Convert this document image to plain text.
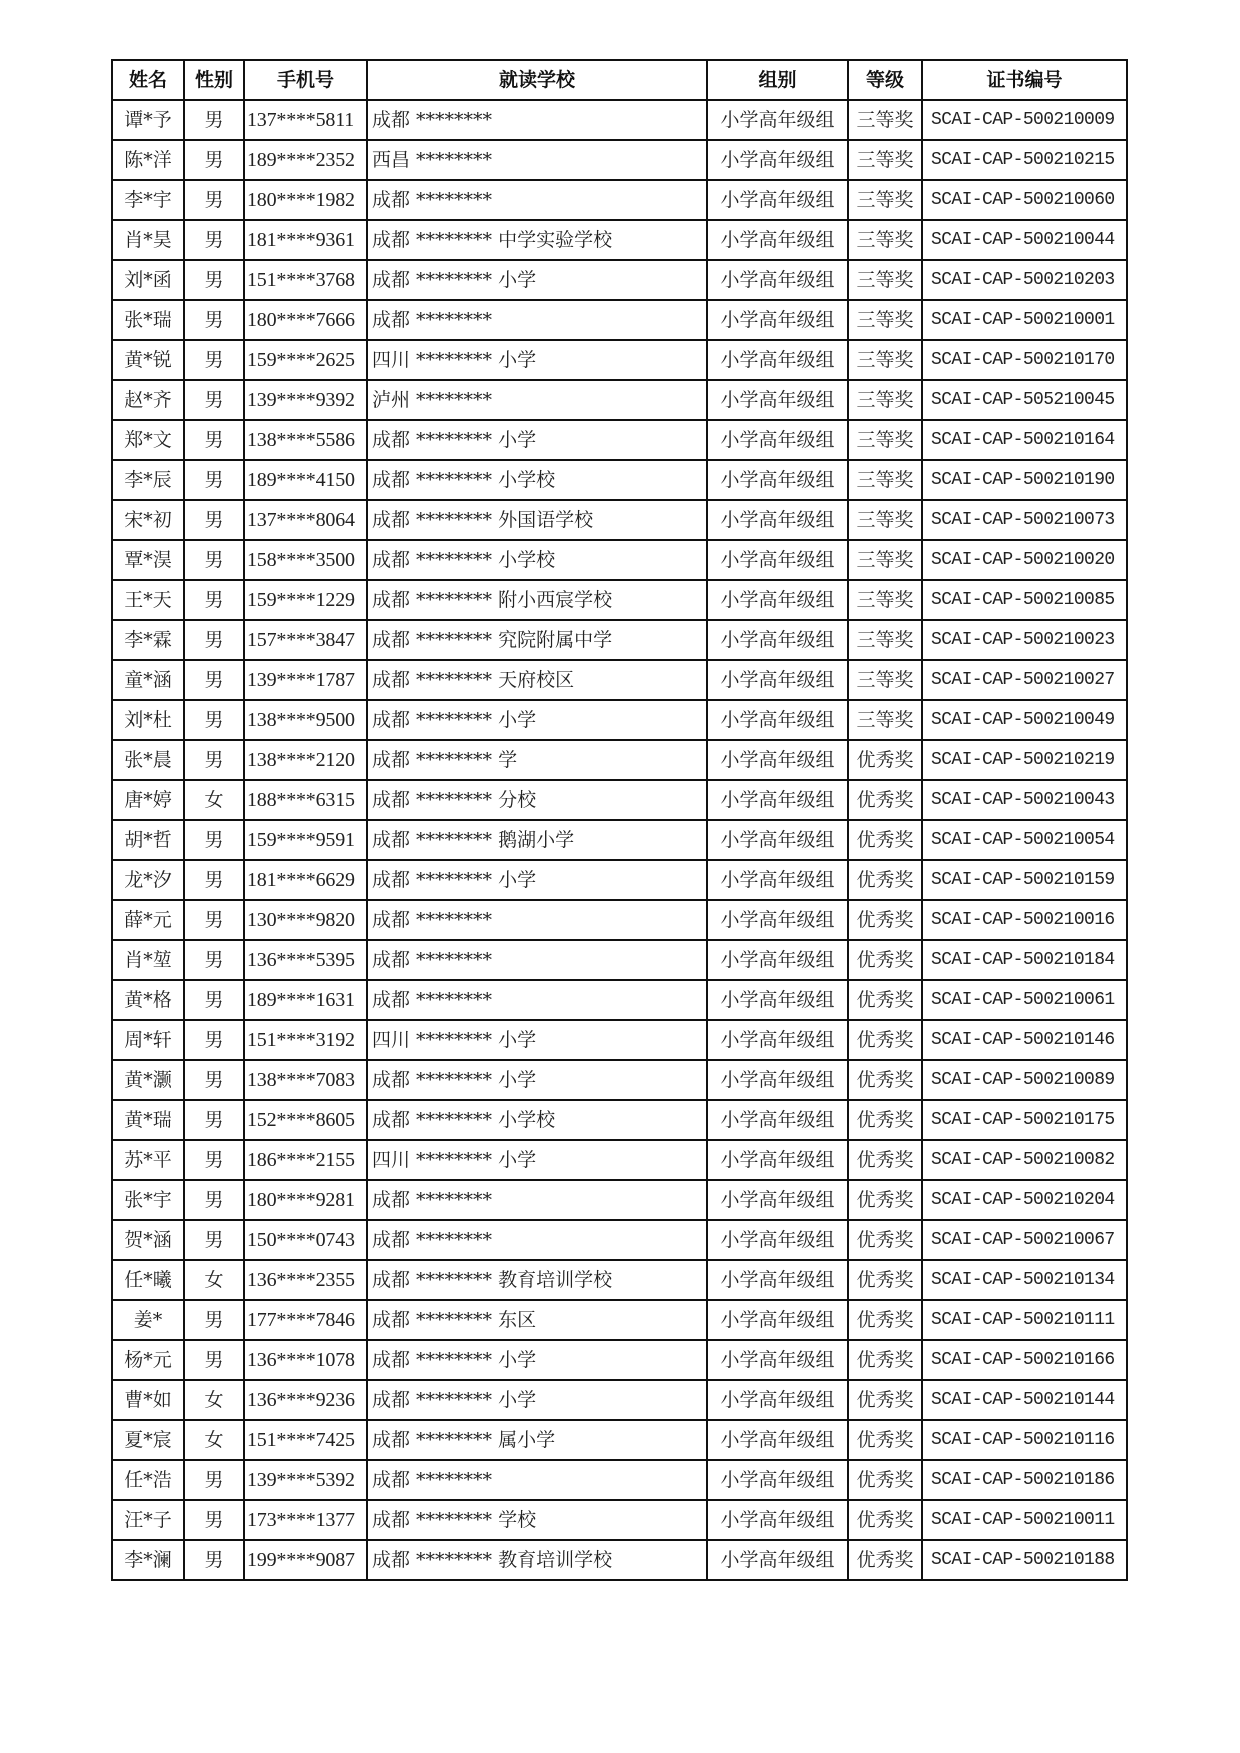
姓名	性别	手机号	就读学校	组别	等级	证书编号
谭*予	男	137****5811	成都 ********	小学高年级组	三等奖	SCAI-CAP-500210009
陈*洋	男	189****2352	西昌 ********	小学高年级组	三等奖	SCAI-CAP-500210215
李*宇	男	180****1982	成都 ********	小学高年级组	三等奖	SCAI-CAP-500210060
肖*昊	男	181****9361	成都 ******** 中学实验学校	小学高年级组	三等奖	SCAI-CAP-500210044
刘*函	男	151****3768	成都 ******** 小学	小学高年级组	三等奖	SCAI-CAP-500210203
张*瑞	男	180****7666	成都 ********	小学高年级组	三等奖	SCAI-CAP-500210001
黄*锐	男	159****2625	四川 ******** 小学	小学高年级组	三等奖	SCAI-CAP-500210170
赵*齐	男	139****9392	泸州 ********	小学高年级组	三等奖	SCAI-CAP-505210045
郑*文	男	138****5586	成都 ******** 小学	小学高年级组	三等奖	SCAI-CAP-500210164
李*辰	男	189****4150	成都 ******** 小学校	小学高年级组	三等奖	SCAI-CAP-500210190
宋*初	男	137****8064	成都 ******** 外国语学校	小学高年级组	三等奖	SCAI-CAP-500210073
覃*淏	男	158****3500	成都 ******** 小学校	小学高年级组	三等奖	SCAI-CAP-500210020
王*天	男	159****1229	成都 ******** 附小西宸学校	小学高年级组	三等奖	SCAI-CAP-500210085
李*霖	男	157****3847	成都 ******** 究院附属中学	小学高年级组	三等奖	SCAI-CAP-500210023
童*涵	男	139****1787	成都 ******** 天府校区	小学高年级组	三等奖	SCAI-CAP-500210027
刘*杜	男	138****9500	成都 ******** 小学	小学高年级组	三等奖	SCAI-CAP-500210049
张*晨	男	138****2120	成都 ******** 学	小学高年级组	优秀奖	SCAI-CAP-500210219
唐*婷	女	188****6315	成都 ******** 分校	小学高年级组	优秀奖	SCAI-CAP-500210043
胡*哲	男	159****9591	成都 ******** 鹅湖小学	小学高年级组	优秀奖	SCAI-CAP-500210054
龙*汐	男	181****6629	成都 ******** 小学	小学高年级组	优秀奖	SCAI-CAP-500210159
薛*元	男	130****9820	成都 ********	小学高年级组	优秀奖	SCAI-CAP-500210016
肖*堃	男	136****5395	成都 ********	小学高年级组	优秀奖	SCAI-CAP-500210184
黄*格	男	189****1631	成都 ********	小学高年级组	优秀奖	SCAI-CAP-500210061
周*轩	男	151****3192	四川 ******** 小学	小学高年级组	优秀奖	SCAI-CAP-500210146
黄*灏	男	138****7083	成都 ******** 小学	小学高年级组	优秀奖	SCAI-CAP-500210089
黄*瑞	男	152****8605	成都 ******** 小学校	小学高年级组	优秀奖	SCAI-CAP-500210175
苏*平	男	186****2155	四川 ******** 小学	小学高年级组	优秀奖	SCAI-CAP-500210082
张*宇	男	180****9281	成都 ********	小学高年级组	优秀奖	SCAI-CAP-500210204
贺*涵	男	150****0743	成都 ********	小学高年级组	优秀奖	SCAI-CAP-500210067
任*曦	女	136****2355	成都 ******** 教育培训学校	小学高年级组	优秀奖	SCAI-CAP-500210134
姜*	男	177****7846	成都 ******** 东区	小学高年级组	优秀奖	SCAI-CAP-500210111
杨*元	男	136****1078	成都 ******** 小学	小学高年级组	优秀奖	SCAI-CAP-500210166
曹*如	女	136****9236	成都 ******** 小学	小学高年级组	优秀奖	SCAI-CAP-500210144
夏*宸	女	151****7425	成都 ******** 属小学	小学高年级组	优秀奖	SCAI-CAP-500210116
任*浩	男	139****5392	成都 ********	小学高年级组	优秀奖	SCAI-CAP-500210186
汪*子	男	173****1377	成都 ******** 学校	小学高年级组	优秀奖	SCAI-CAP-500210011
李*澜	男	199****9087	成都 ******** 教育培训学校	小学高年级组	优秀奖	SCAI-CAP-500210188
